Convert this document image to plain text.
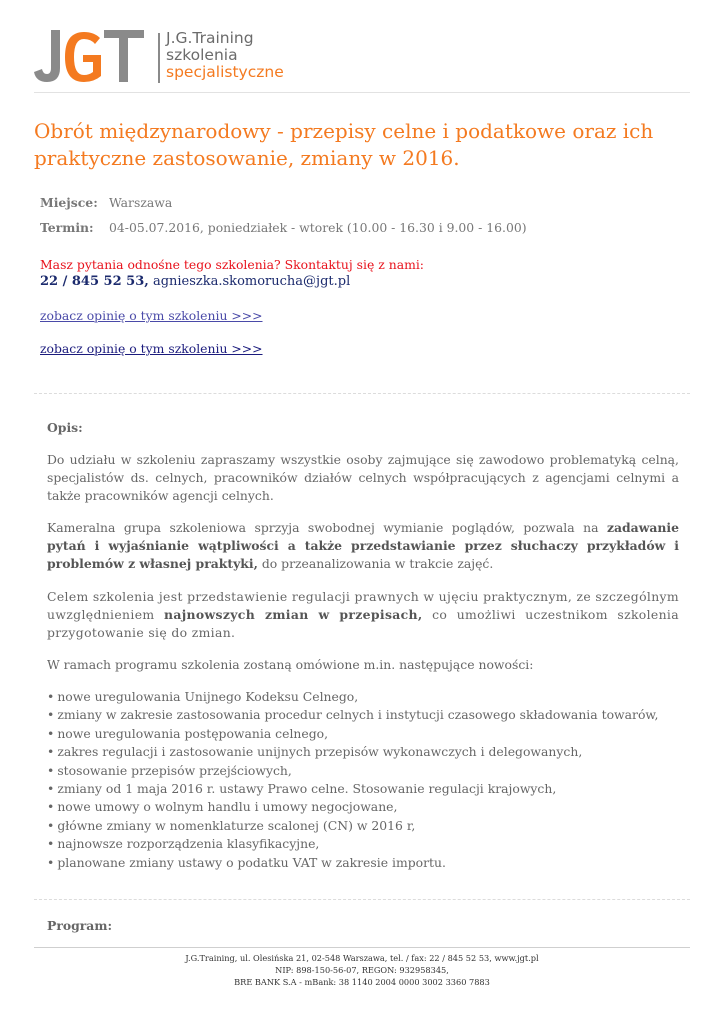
J.G.Training
szkolenia
specjalistyczne
Obrót międzynarodowy - przepisy celne i podatkowe oraz ich praktyczne zastosowanie, zmiany w 2016.
Miejsce: Warszawa
Termin: 04-05.07.2016, poniedziałek - wtorek (10.00 - 16.30 i 9.00 - 16.00)
Masz pytania odnośne tego szkolenia? Skontaktuj się z nami:
22 / 845 52 53, agnieszka.skomorucha@jgt.pl
zobacz opinię o tym szkoleniu >>>
zobacz opinię o tym szkoleniu >>>
Opis:

Do udziału w szkoleniu zapraszamy wszystkie osoby zajmujące się zawodowo problematyką celną, specjalistów ds. celnych, pracowników działów celnych współpracujących z agencjami celnymi a także pracowników agencji celnych.

Kameralna grupa szkoleniowa sprzyja swobodnej wymianie poglądów, pozwala na zadawanie pytań i wyjaśnianie wątpliwości a także przedstawianie przez słuchaczy przykładów i problemów z własnej praktyki, do przeanalizowania w trakcie zajęć.

Celem szkolenia jest przedstawienie regulacji prawnych w ujęciu praktycznym, ze szczególnym uwzględnieniem najnowszych zmian w przepisach, co umożliwi uczestnikom szkolenia przygotowanie się do zmian.

W ramach programu szkolenia zostaną omówione m.in. następujące nowości:

• nowe uregulowania Unijnego Kodeksu Celnego,
• zmiany w zakresie zastosowania procedur celnych i instytucji czasowego składowania towarów,
• nowe uregulowania postępowania celnego,
• zakres regulacji i zastosowanie unijnych przepisów wykonawczych i delegowanych,
• stosowanie przepisów przejściowych,
• zmiany od 1 maja 2016 r. ustawy Prawo celne. Stosowanie regulacji krajowych,
• nowe umowy o wolnym handlu i umowy negocjowane,
• główne zmiany w nomenklaturze scalonej (CN) w 2016 r,
• najnowsze rozporządzenia klasyfikacyjne,
• planowane zmiany ustawy o podatku VAT w zakresie importu.
Program:
J.G.Training, ul. Olesińska 21, 02-548 Warszawa, tel. / fax: 22 / 845 52 53, www.jgt.pl
NIP: 898-150-56-07, REGON: 932958345,
BRE BANK S.A - mBank: 38 1140 2004 0000 3002 3360 7883
